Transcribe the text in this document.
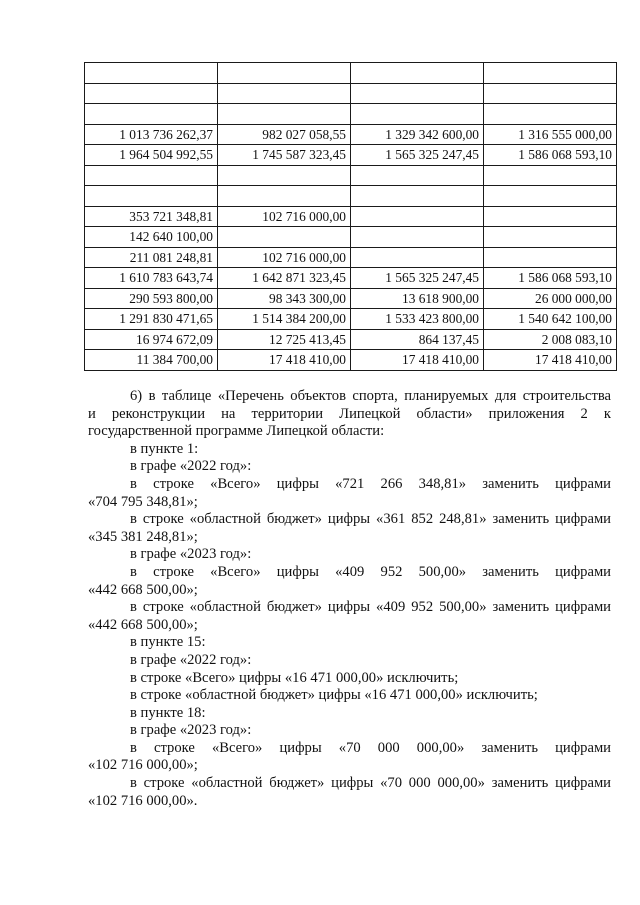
1 013 736 262,37	982 027 058,55	1 329 342 600,00	1 316 555 000,00
1 964 504 992,55	1 745 587 323,45	1 565 325 247,45	1 586 068 593,10

353 721 348,81	102 716 000,00		
142 640 100,00			
211 081 248,81	102 716 000,00		
1 610 783 643,74	1 642 871 323,45	1 565 325 247,45	1 586 068 593,10
290 593 800,00	98 343 300,00	13 618 900,00	26 000 000,00
1 291 830 471,65	1 514 384 200,00	1 533 423 800,00	1 540 642 100,00
16 974 672,09	12 725 413,45	864 137,45	2 008 083,10
11 384 700,00	17 418 410,00	17 418 410,00	17 418 410,00

6) в таблице «Перечень объектов спорта, планируемых для строительства

и реконструкции на территории Липецкой области» приложения 2 к

государственной программе Липецкой области:

в пункте 1:

в графе «2022 год»:

в строке «Всего» цифры «721 266 348,81» заменить цифрами

«704 795 348,81»;

в строке «областной бюджет» цифры «361 852 248,81» заменить цифрами

«345 381 248,81»;

в графе «2023 год»:

в строке «Всего» цифры «409 952 500,00» заменить цифрами

«442 668 500,00»;

в строке «областной бюджет» цифры «409 952 500,00» заменить цифрами

«442 668 500,00»;

в пункте 15:

в графе «2022 год»:

в строке «Всего» цифры «16 471 000,00» исключить;

в строке «областной бюджет» цифры «16 471 000,00» исключить;

в пункте 18:

в графе «2023 год»:

в строке «Всего» цифры «70 000 000,00» заменить цифрами

«102 716 000,00»;

в строке «областной бюджет» цифры «70 000 000,00» заменить цифрами

«102 716 000,00».
